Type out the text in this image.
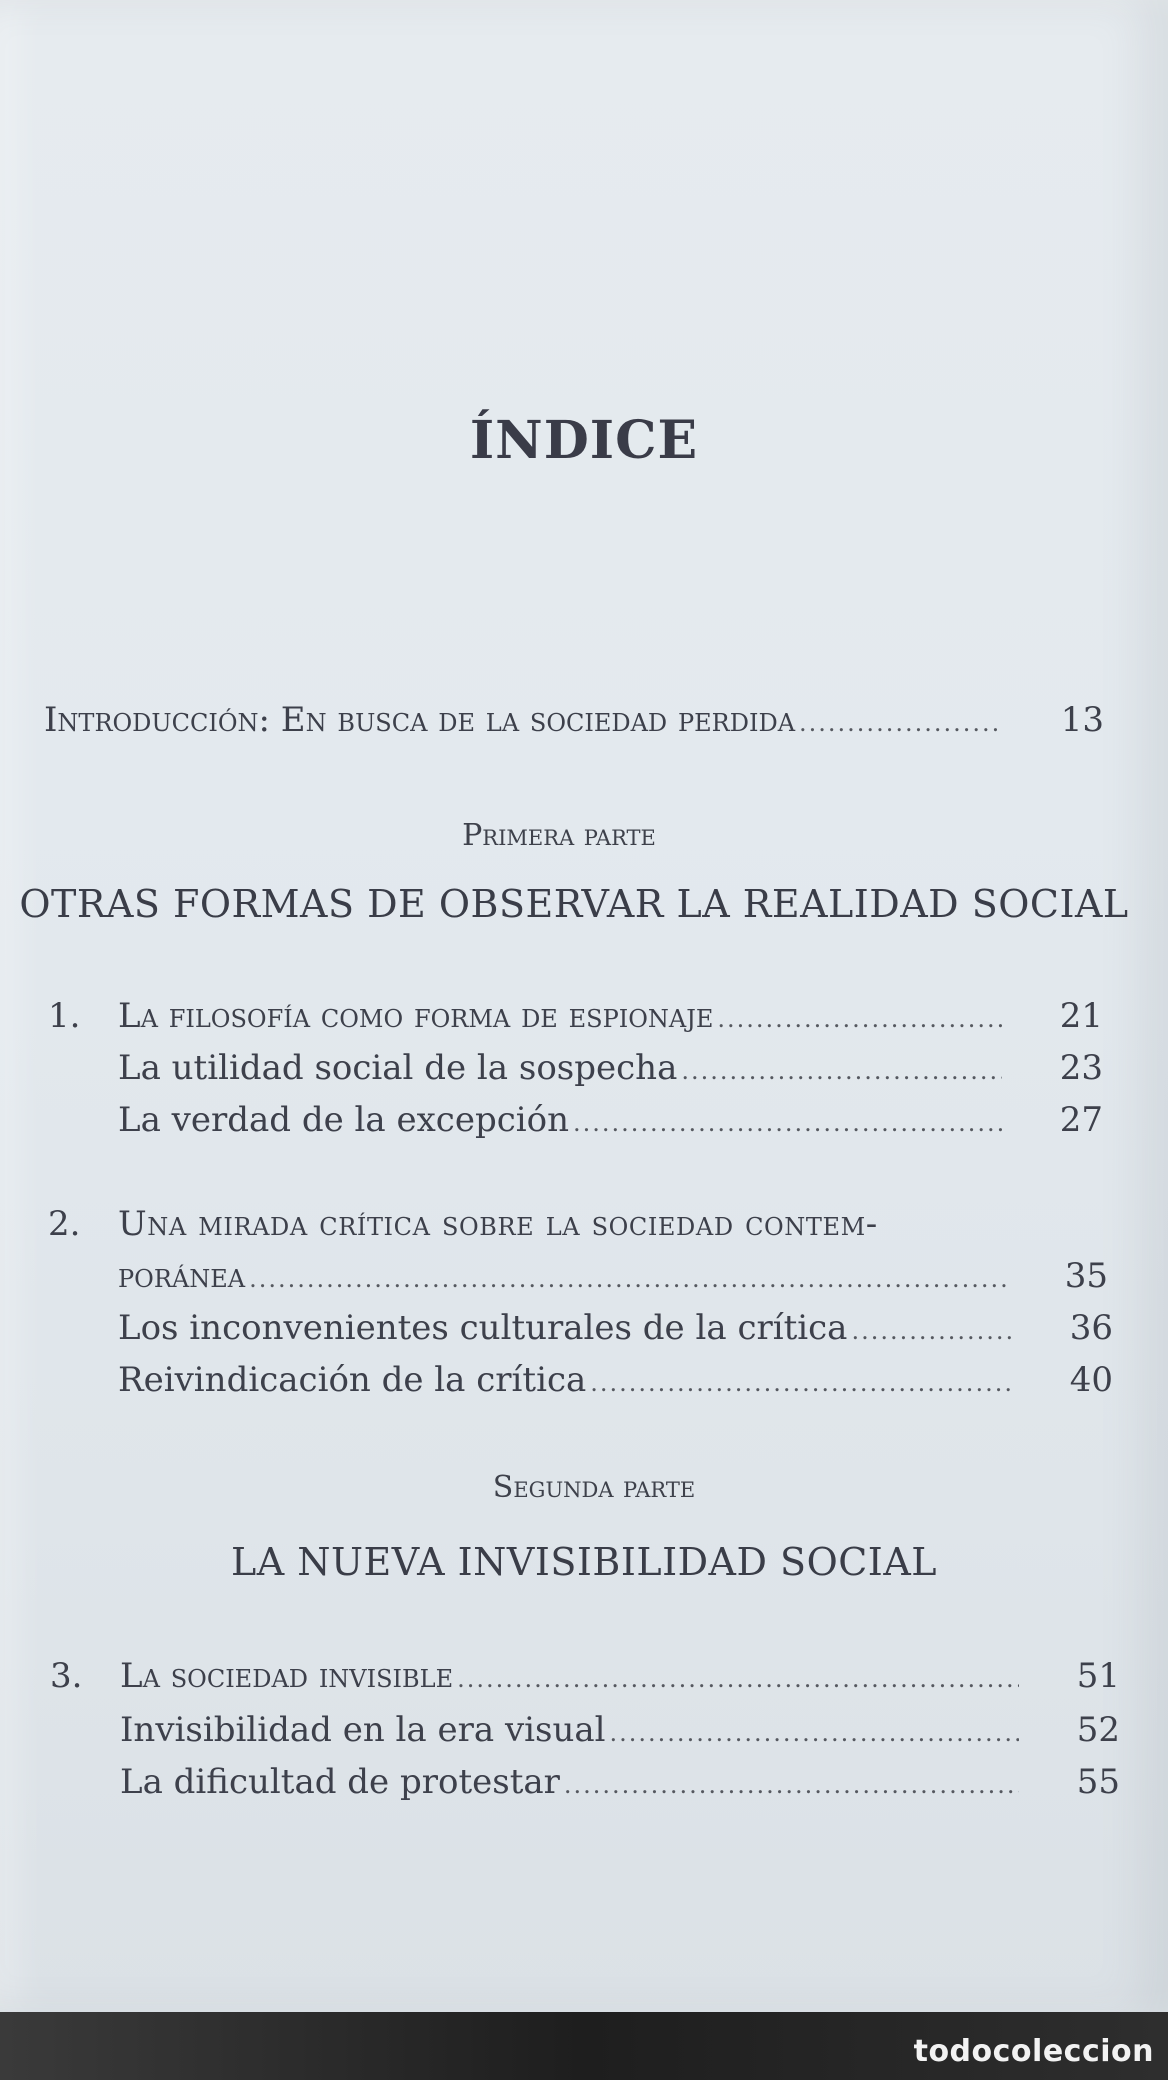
ÍNDICE
Introducción: En busca de la sociedad perdida .....	13
Primera parte
OTRAS FORMAS DE OBSERVAR LA REALIDAD SOCIAL
1. La filosofía como forma de espionaje .....	21
La utilidad social de la sospecha .....	23
La verdad de la excepción .....	27
2. Una mirada crítica sobre la sociedad contem-
poránea .....	35
Los inconvenientes culturales de la crítica .....	36
Reivindicación de la crítica .....	40
Segunda parte
LA NUEVA INVISIBILIDAD SOCIAL
3. La sociedad invisible .....	51
Invisibilidad en la era visual .....	52
La dificultad de protestar .....	55
todocoleccion
